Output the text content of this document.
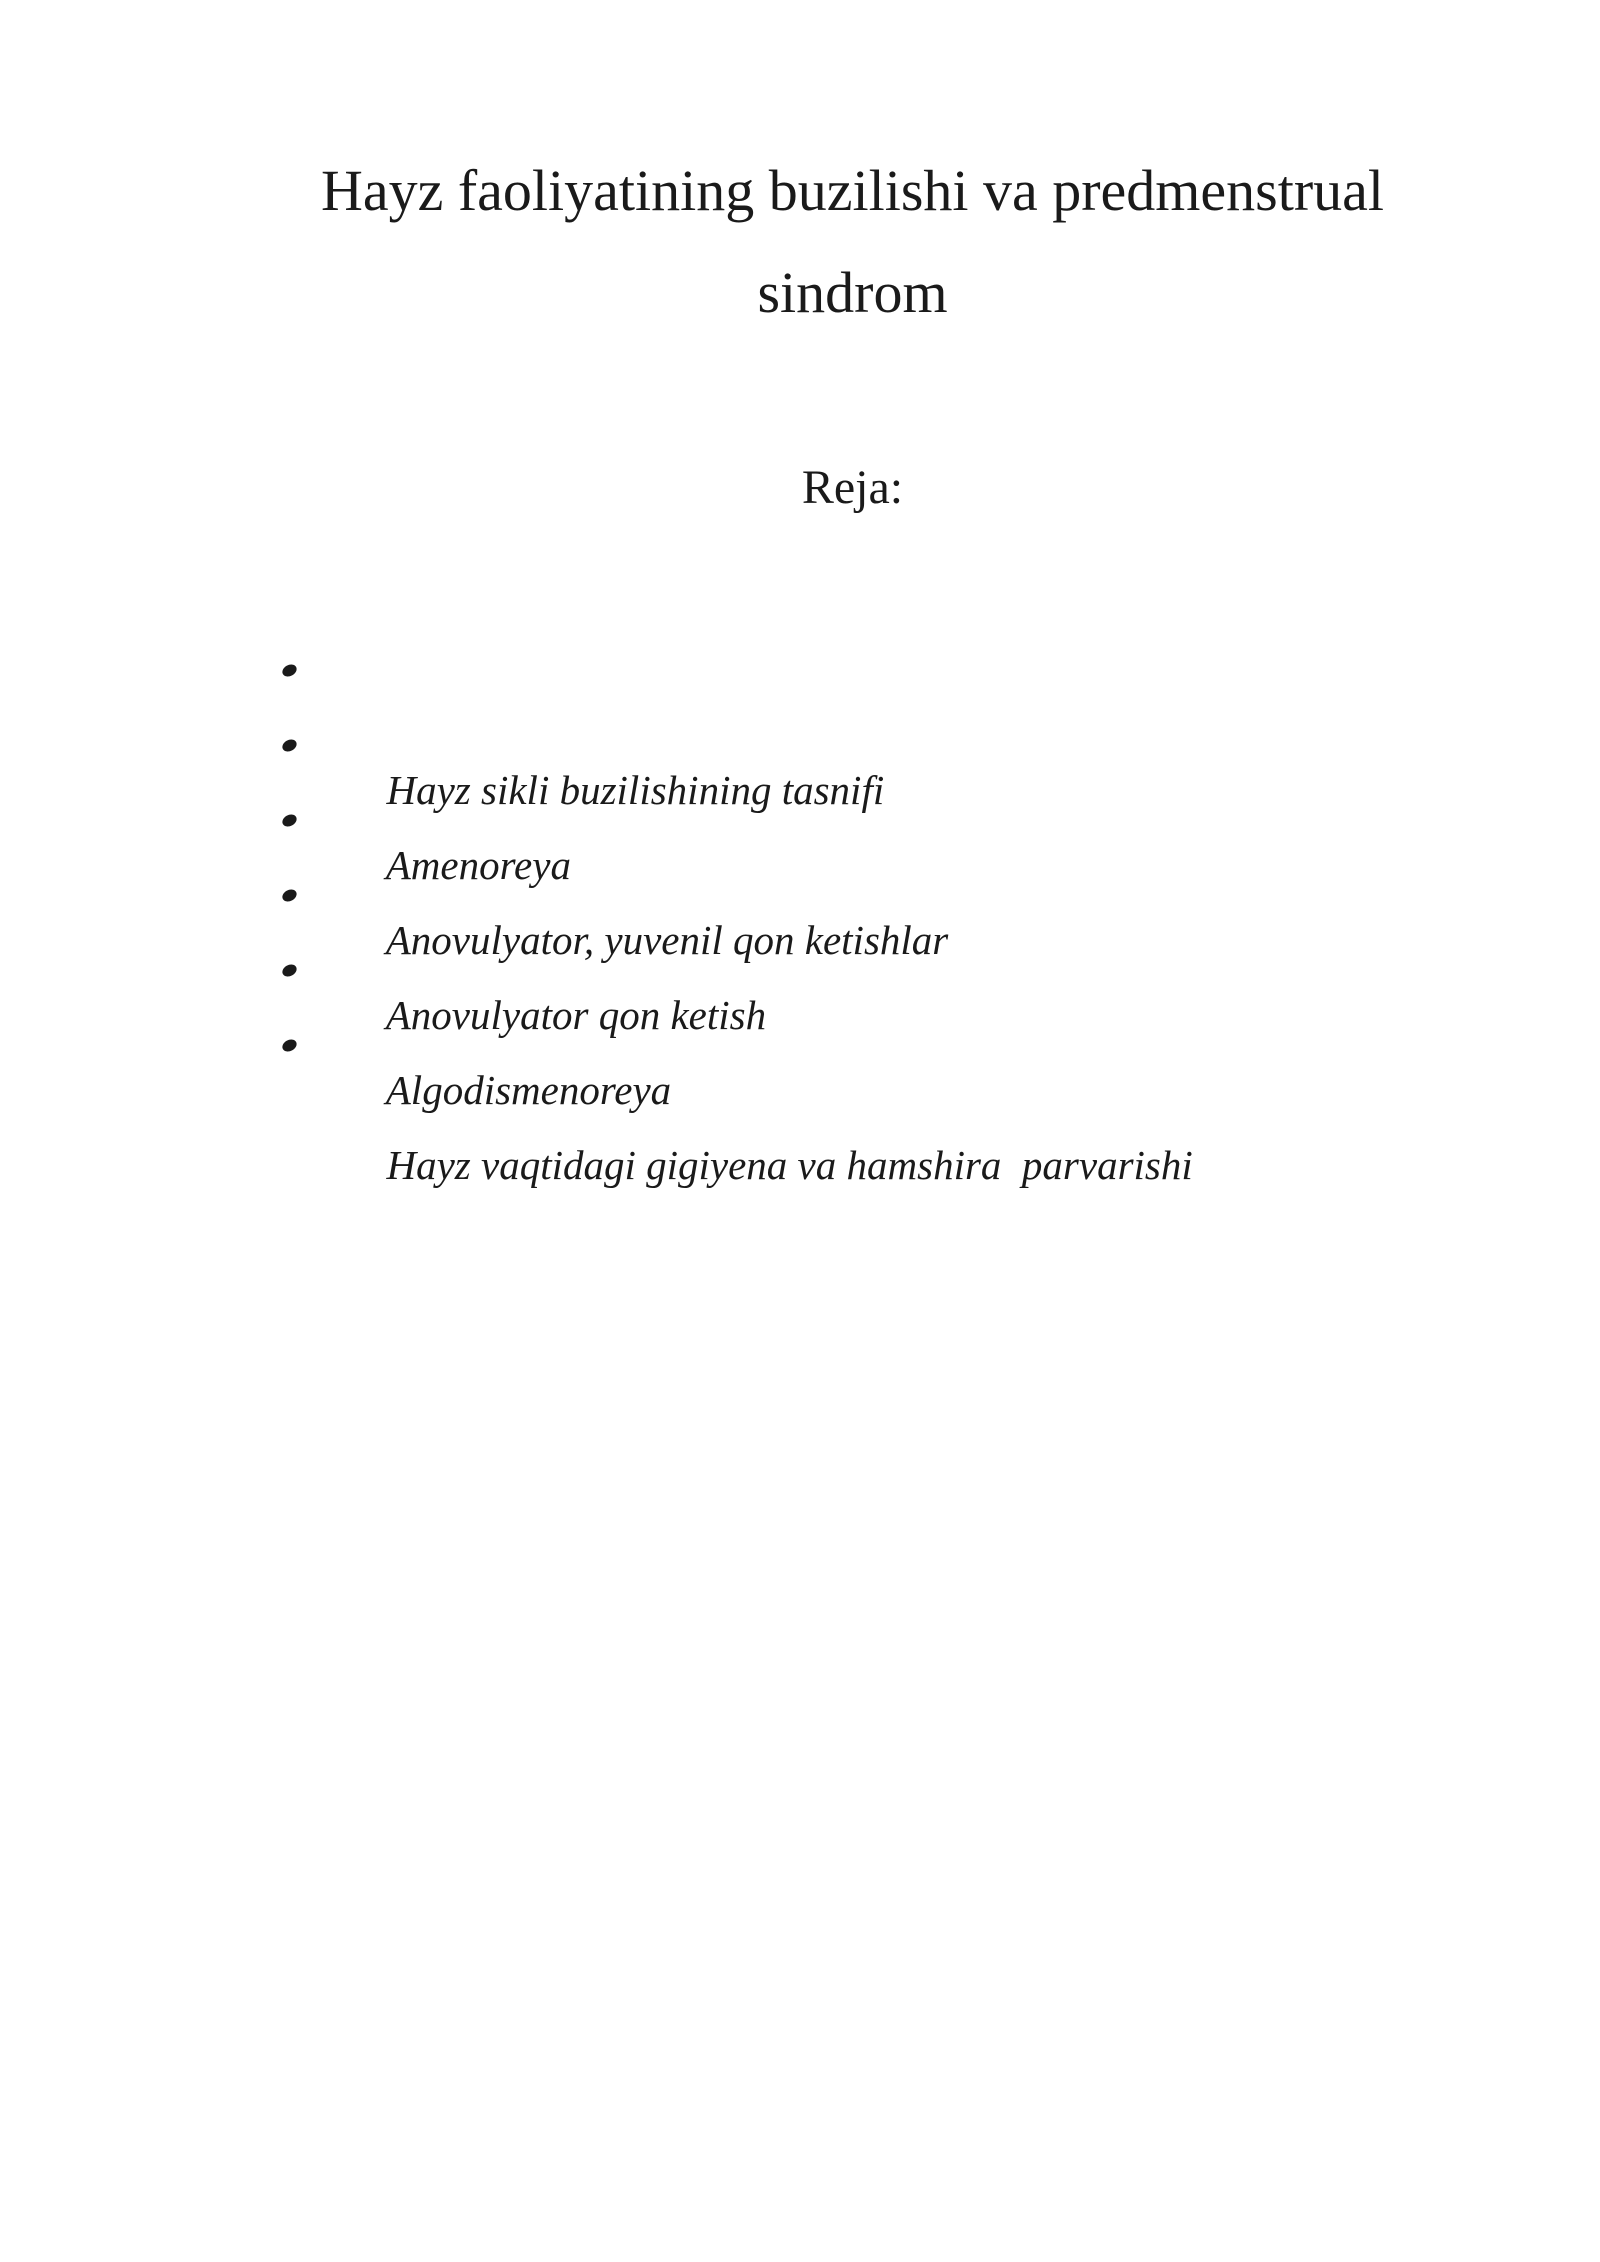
Hayz faoliyatining buzilishi va predmenstrual sindrom
Reja:

Hayz sikli buzilishining tasnifi

Amenoreya

Anovulyator, yuvenil qon ketishlar

Anovulyator qon ketish

Algodismenoreya

Hayz vaqtidagi gigiyena va hamshira  parvarishi
